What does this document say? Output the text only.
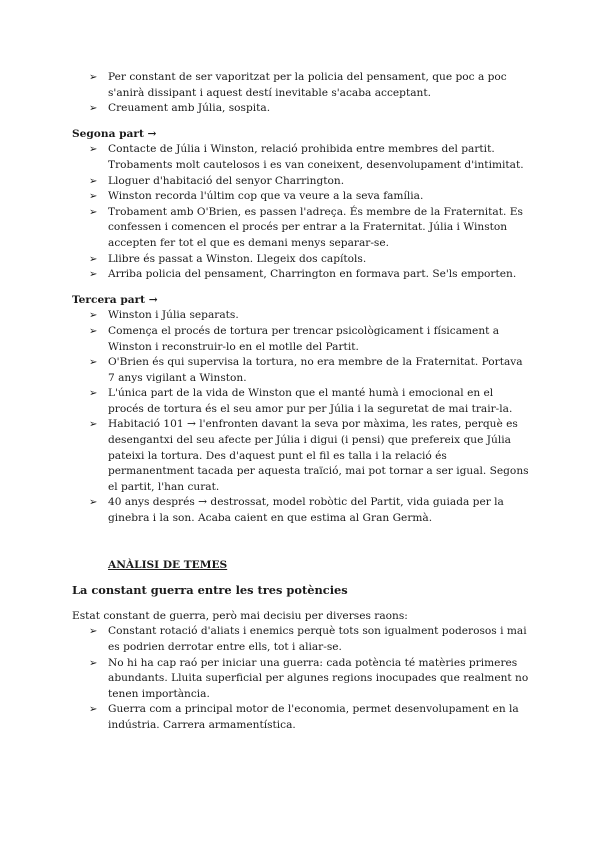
➢ Per constant de ser vaporitzat per la policia del pensament, que poc a poc s'anirà dissipant i aquest destí inevitable s'acaba acceptant.
➢ Creuament amb Júlia, sospita.
Segona part →
➢ Contacte de Júlia i Winston, relació prohibida entre membres del partit. Trobaments molt cautelosos i es van coneixent, desenvolupament d'intimitat.
➢ Lloguer d'habitació del senyor Charrington.
➢ Winston recorda l'últim cop que va veure a la seva família.
➢ Trobament amb O'Brien, es passen l'adreça. És membre de la Fraternitat. Es confessen i comencen el procés per entrar a la Fraternitat. Júlia i Winston accepten fer tot el que es demani menys separar-se.
➢ Llibre és passat a Winston. Llegeix dos capítols.
➢ Arriba policia del pensament, Charrington en formava part. Se'ls emporten.
Tercera part →
➢ Winston i Júlia separats.
➢ Comença el procés de tortura per trencar psicològicament i físicament a Winston i reconstruir-lo en el motlle del Partit.
➢ O'Brien és qui supervisa la tortura, no era membre de la Fraternitat. Portava 7 anys vigilant a Winston.
➢ L'única part de la vida de Winston que el manté humà i emocional en el procés de tortura és el seu amor pur per Júlia i la seguretat de mai trair-la.
➢ Habitació 101 → l'enfronten davant la seva por màxima, les rates, perquè es desengantxi del seu afecte per Júlia i digui (i pensi) que prefereix que Júlia pateixi la tortura. Des d'aquest punt el fil es talla i la relació és permanentment tacada per aquesta traïció, mai pot tornar a ser igual. Segons el partit, l'han curat.
➢ 40 anys després → destrossat, model robòtic del Partit, vida guiada per la ginebra i la son. Acaba caient en que estima al Gran Germà.
ANÀLISI DE TEMES
La constant guerra entre les tres potències
Estat constant de guerra, però mai decisiu per diverses raons:
➢ Constant rotació d'aliats i enemics perquè tots son igualment poderosos i mai es podrien derrotar entre ells, tot i aliar-se.
➢ No hi ha cap raó per iniciar una guerra: cada potència té matèries primeres abundants. Lluita superficial per algunes regions inocupades que realment no tenen importància.
➢ Guerra com a principal motor de l'economia, permet desenvolupament en la indústria. Carrera armamentística.
